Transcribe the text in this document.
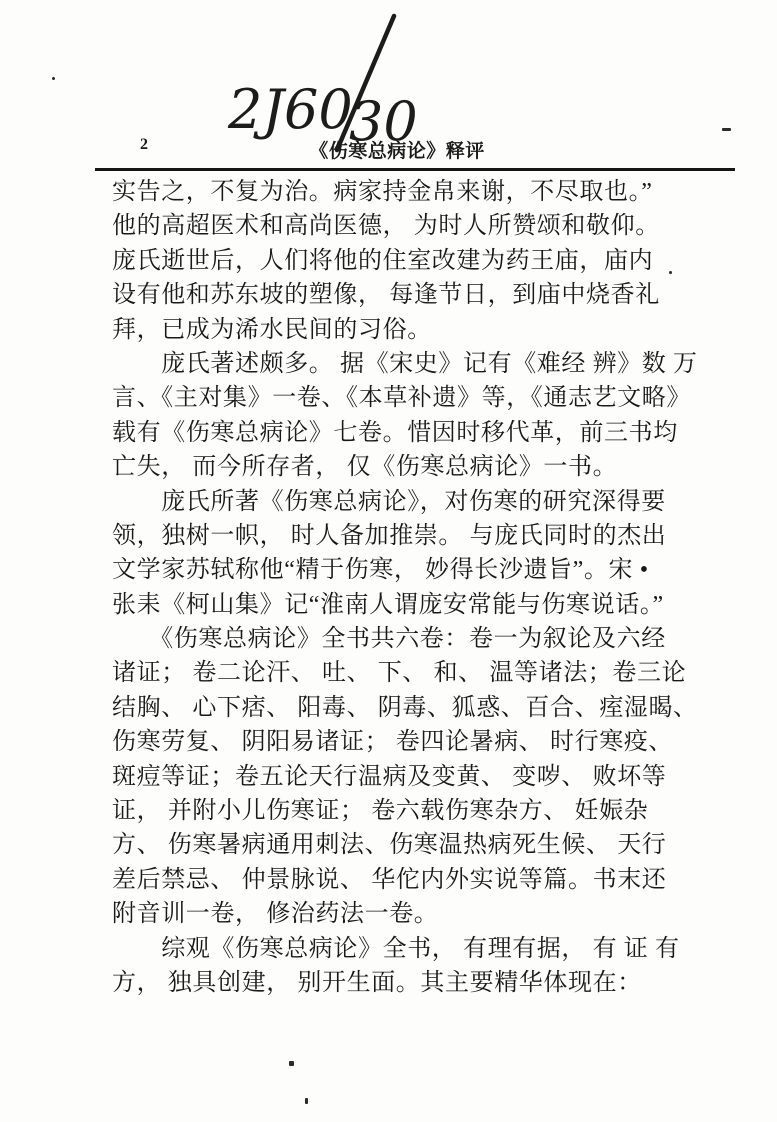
2J60
30
2	《伤寒总病论》释评
实告之，不复为治。病家持金帛来谢，不尽取也。”
他的高超医术和高尚医德， 为时人所赞颂和敬仰。
庞氏逝世后，人们将他的住室改建为药王庙，庙内
设有他和苏东坡的塑像， 每逢节日，到庙中烧香礼
拜，已成为浠水民间的习俗。
　　庞氏著述颇多。 据《宋史》记有《难经 辨》数 万
言、《主对集》一卷、《本草补遗》等，《通志艺文略》
载有《伤寒总病论》七卷。惜因时移代革，前三书均
亡失， 而今所存者， 仅《伤寒总病论》一书。
　　庞氏所著《伤寒总病论》，对伤寒的研究深得要
领，独树一帜， 时人备加推崇。 与庞氏同时的杰出
文学家苏轼称他“精于伤寒， 妙得长沙遗旨”。宋 •
张耒《柯山集》记“淮南人谓庞安常能与伤寒说话。”
　　《伤寒总病论》全书共六卷：卷一为叙论及六经
诸证； 卷二论汗、 吐、 下、 和、 温等诸法；卷三论
结胸、 心下痞、 阳毒、 阴毒、狐惑、百合、痓湿暍、
伤寒劳复、 阴阳易诸证； 卷四论暑病、 时行寒疫、
斑痘等证；卷五论天行温病及变黄、 变哕、 败坏等
证， 并附小儿伤寒证； 卷六载伤寒杂方、 妊娠杂
方、 伤寒暑病通用刺法、伤寒温热病死生候、 天行
差后禁忌、 仲景脉说、 华佗内外实说等篇。书末还
附音训一卷， 修治药法一卷。
　　综观《伤寒总病论》全书， 有理有据， 有 证 有
方， 独具创建， 别开生面。其主要精华体现在：
